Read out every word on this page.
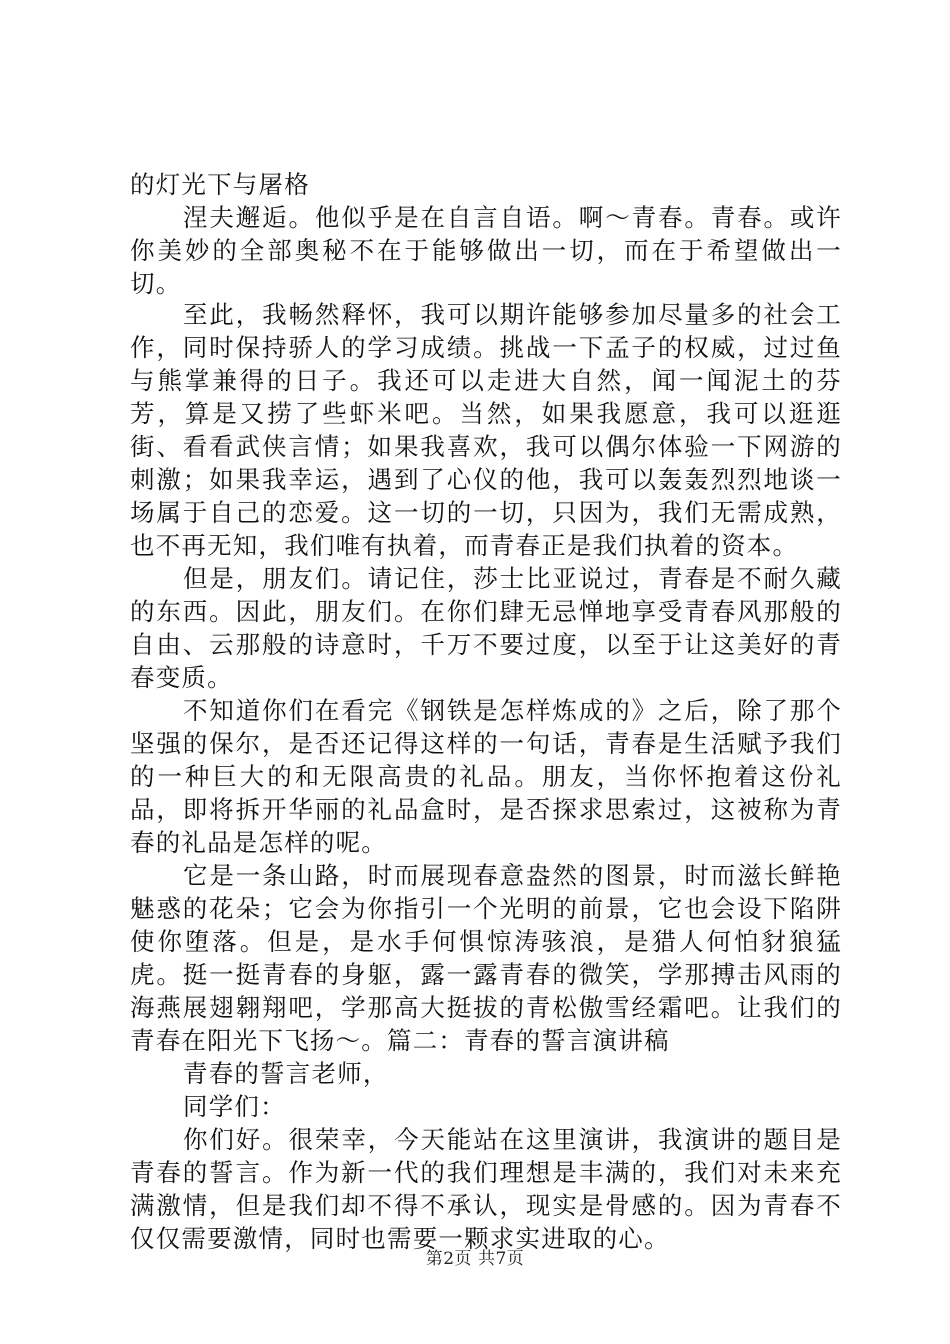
的灯光下与屠格

涅夫邂逅。他似乎是在自言自语。啊～青春。青春。或许你美妙的全部奥秘不在于能够做出一切，而在于希望做出一切。

至此，我畅然释怀，我可以期许能够参加尽量多的社会工作，同时保持骄人的学习成绩。挑战一下孟子的权威，过过鱼与熊掌兼得的日子。我还可以走进大自然，闻一闻泥土的芬芳，算是又捞了些虾米吧。当然，如果我愿意，我可以逛逛街、看看武侠言情；如果我喜欢，我可以偶尔体验一下网游的刺激；如果我幸运，遇到了心仪的他，我可以轰轰烈烈地谈一场属于自己的恋爱。这一切的一切，只因为，我们无需成熟，也不再无知，我们唯有执着，而青春正是我们执着的资本。

但是，朋友们。请记住，莎士比亚说过，青春是不耐久藏的东西。因此，朋友们。在你们肆无忌惮地享受青春风那般的自由、云那般的诗意时，千万不要过度，以至于让这美好的青春变质。

不知道你们在看完《钢铁是怎样炼成的》之后，除了那个坚强的保尔，是否还记得这样的一句话，青春是生活赋予我们的一种巨大的和无限高贵的礼品。朋友，当你怀抱着这份礼品，即将拆开华丽的礼品盒时，是否探求思索过，这被称为青春的礼品是怎样的呢。

它是一条山路，时而展现春意盎然的图景，时而滋长鲜艳魅惑的花朵；它会为你指引一个光明的前景，它也会设下陷阱使你堕落。但是，是水手何惧惊涛骇浪，是猎人何怕豺狼猛虎。挺一挺青春的身躯，露一露青春的微笑，学那搏击风雨的海燕展翅翱翔吧，学那高大挺拔的青松傲雪经霜吧。让我们的青春在阳光下飞扬～。篇二：青春的誓言演讲稿

青春的誓言老师，

同学们：

你们好。很荣幸，今天能站在这里演讲，我演讲的题目是青春的誓言。作为新一代的我们理想是丰满的，我们对未来充满激情，但是我们却不得不承认，现实是骨感的。因为青春不仅仅需要激情，同时也需要一颗求实进取的心。

第2页 共7页
